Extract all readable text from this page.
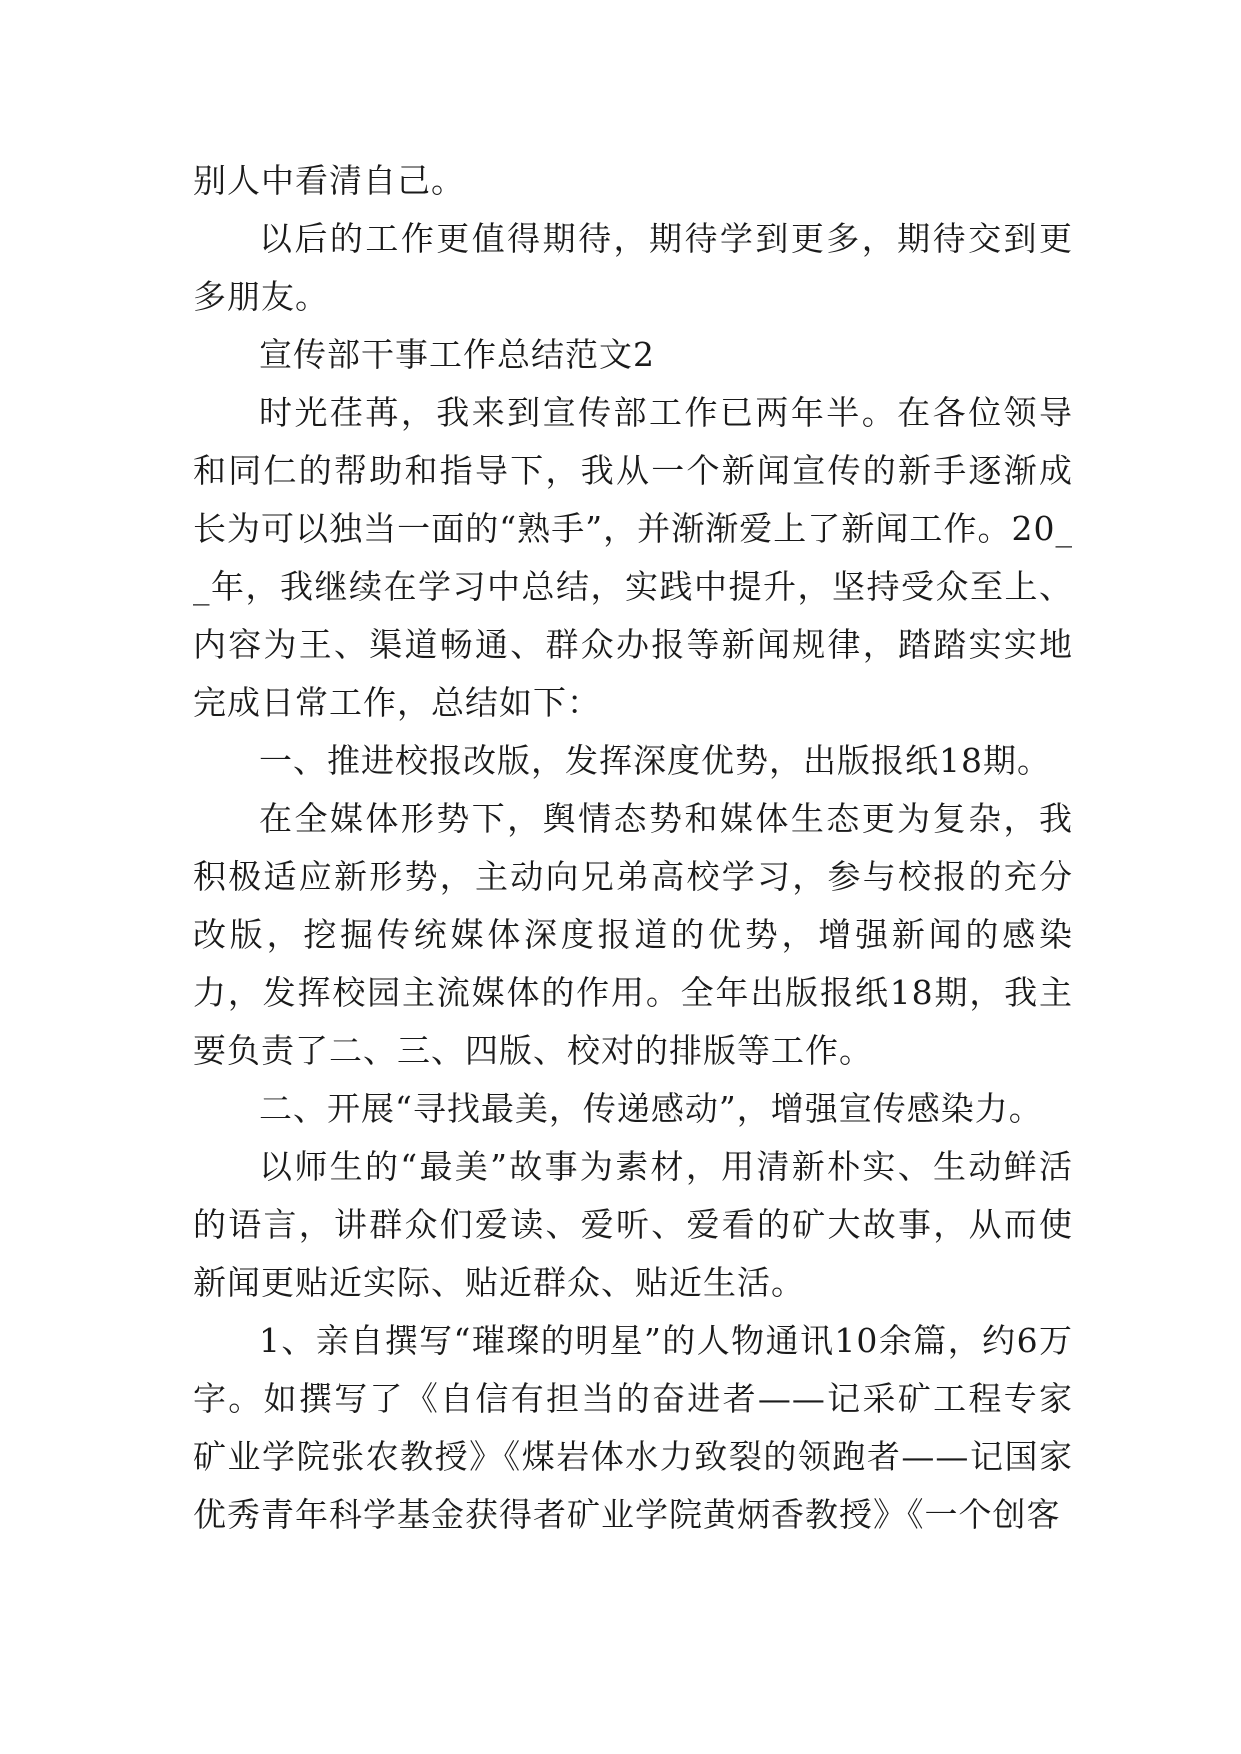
别人中看清自己。

以后的工作更值得期待，期待学到更多，期待交到更多朋友。

宣传部干事工作总结范文2

时光荏苒，我来到宣传部工作已两年半。在各位领导和同仁的帮助和指导下，我从一个新闻宣传的新手逐渐成长为可以独当一面的“熟手”，并渐渐爱上了新闻工作。20__年，我继续在学习中总结，实践中提升，坚持受众至上、内容为王、渠道畅通、群众办报等新闻规律，踏踏实实地完成日常工作，总结如下：

一、推进校报改版，发挥深度优势，出版报纸18期。

在全媒体形势下，舆情态势和媒体生态更为复杂，我积极适应新形势，主动向兄弟高校学习，参与校报的充分改版，挖掘传统媒体深度报道的优势，增强新闻的感染力，发挥校园主流媒体的作用。全年出版报纸18期，我主要负责了二、三、四版、校对的排版等工作。

二、开展“寻找最美，传递感动”，增强宣传感染力。

以师生的“最美”故事为素材，用清新朴实、生动鲜活的语言，讲群众们爱读、爱听、爱看的矿大故事，从而使新闻更贴近实际、贴近群众、贴近生活。

1、亲自撰写“璀璨的明星”的人物通讯10余篇，约6万字。如撰写了《自信有担当的奋进者——记采矿工程专家矿业学院张农教授》《煤岩体水力致裂的领跑者——记国家优秀青年科学基金获得者矿业学院黄炳香教授》《一个创客
